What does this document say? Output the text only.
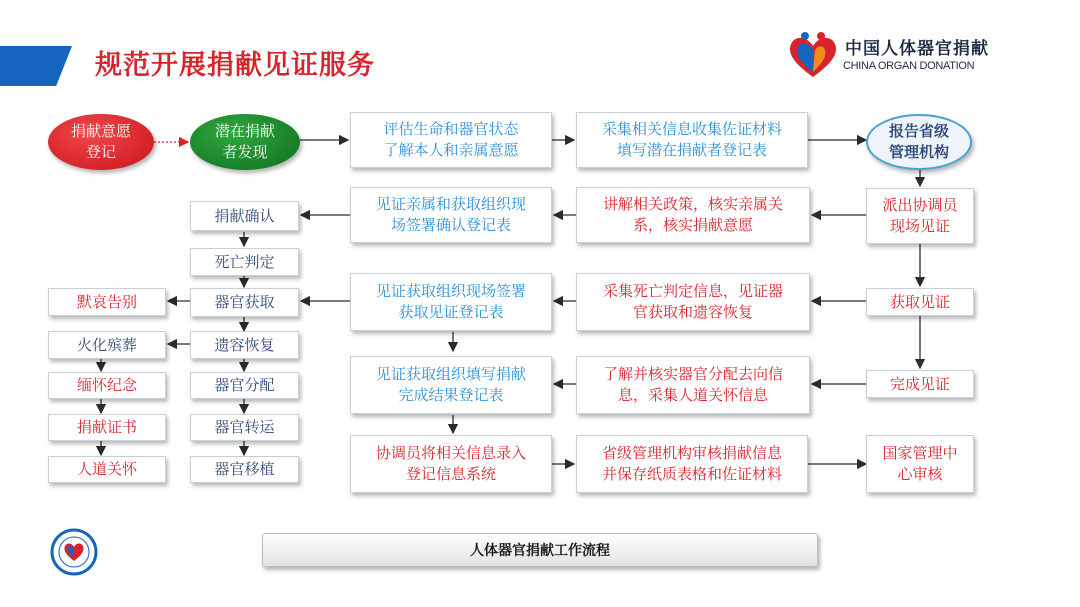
规范开展捐献见证服务
中国人体器官捐献
CHINA ORGAN DONATION
捐献意愿
登记
潜在捐献
者发现
评估生命和器官状态
了解本人和亲属意愿
采集相关信息收集佐证材料
填写潜在捐献者登记表
报告省级
管理机构
派出协调员
现场见证
讲解相关政策，核实亲属关
系，核实捐献意愿
见证亲属和获取组织现
场签署确认登记表
捐献确认
死亡判定
获取见证
采集死亡判定信息，见证器
官获取和遗容恢复
见证获取组织现场签署
获取见证登记表
器官获取
默哀告别
遗容恢复
火化殡葬
完成见证
了解并核实器官分配去向信
息，采集人道关怀信息
见证获取组织填写捐献
完成结果登记表
器官分配
缅怀纪念
器官转运
捐献证书
器官移植
人道关怀
协调员将相关信息录入
登记信息系统
省级管理机构审核捐献信息
并保存纸质表格和佐证材料
国家管理中
心审核
人体器官捐献工作流程
